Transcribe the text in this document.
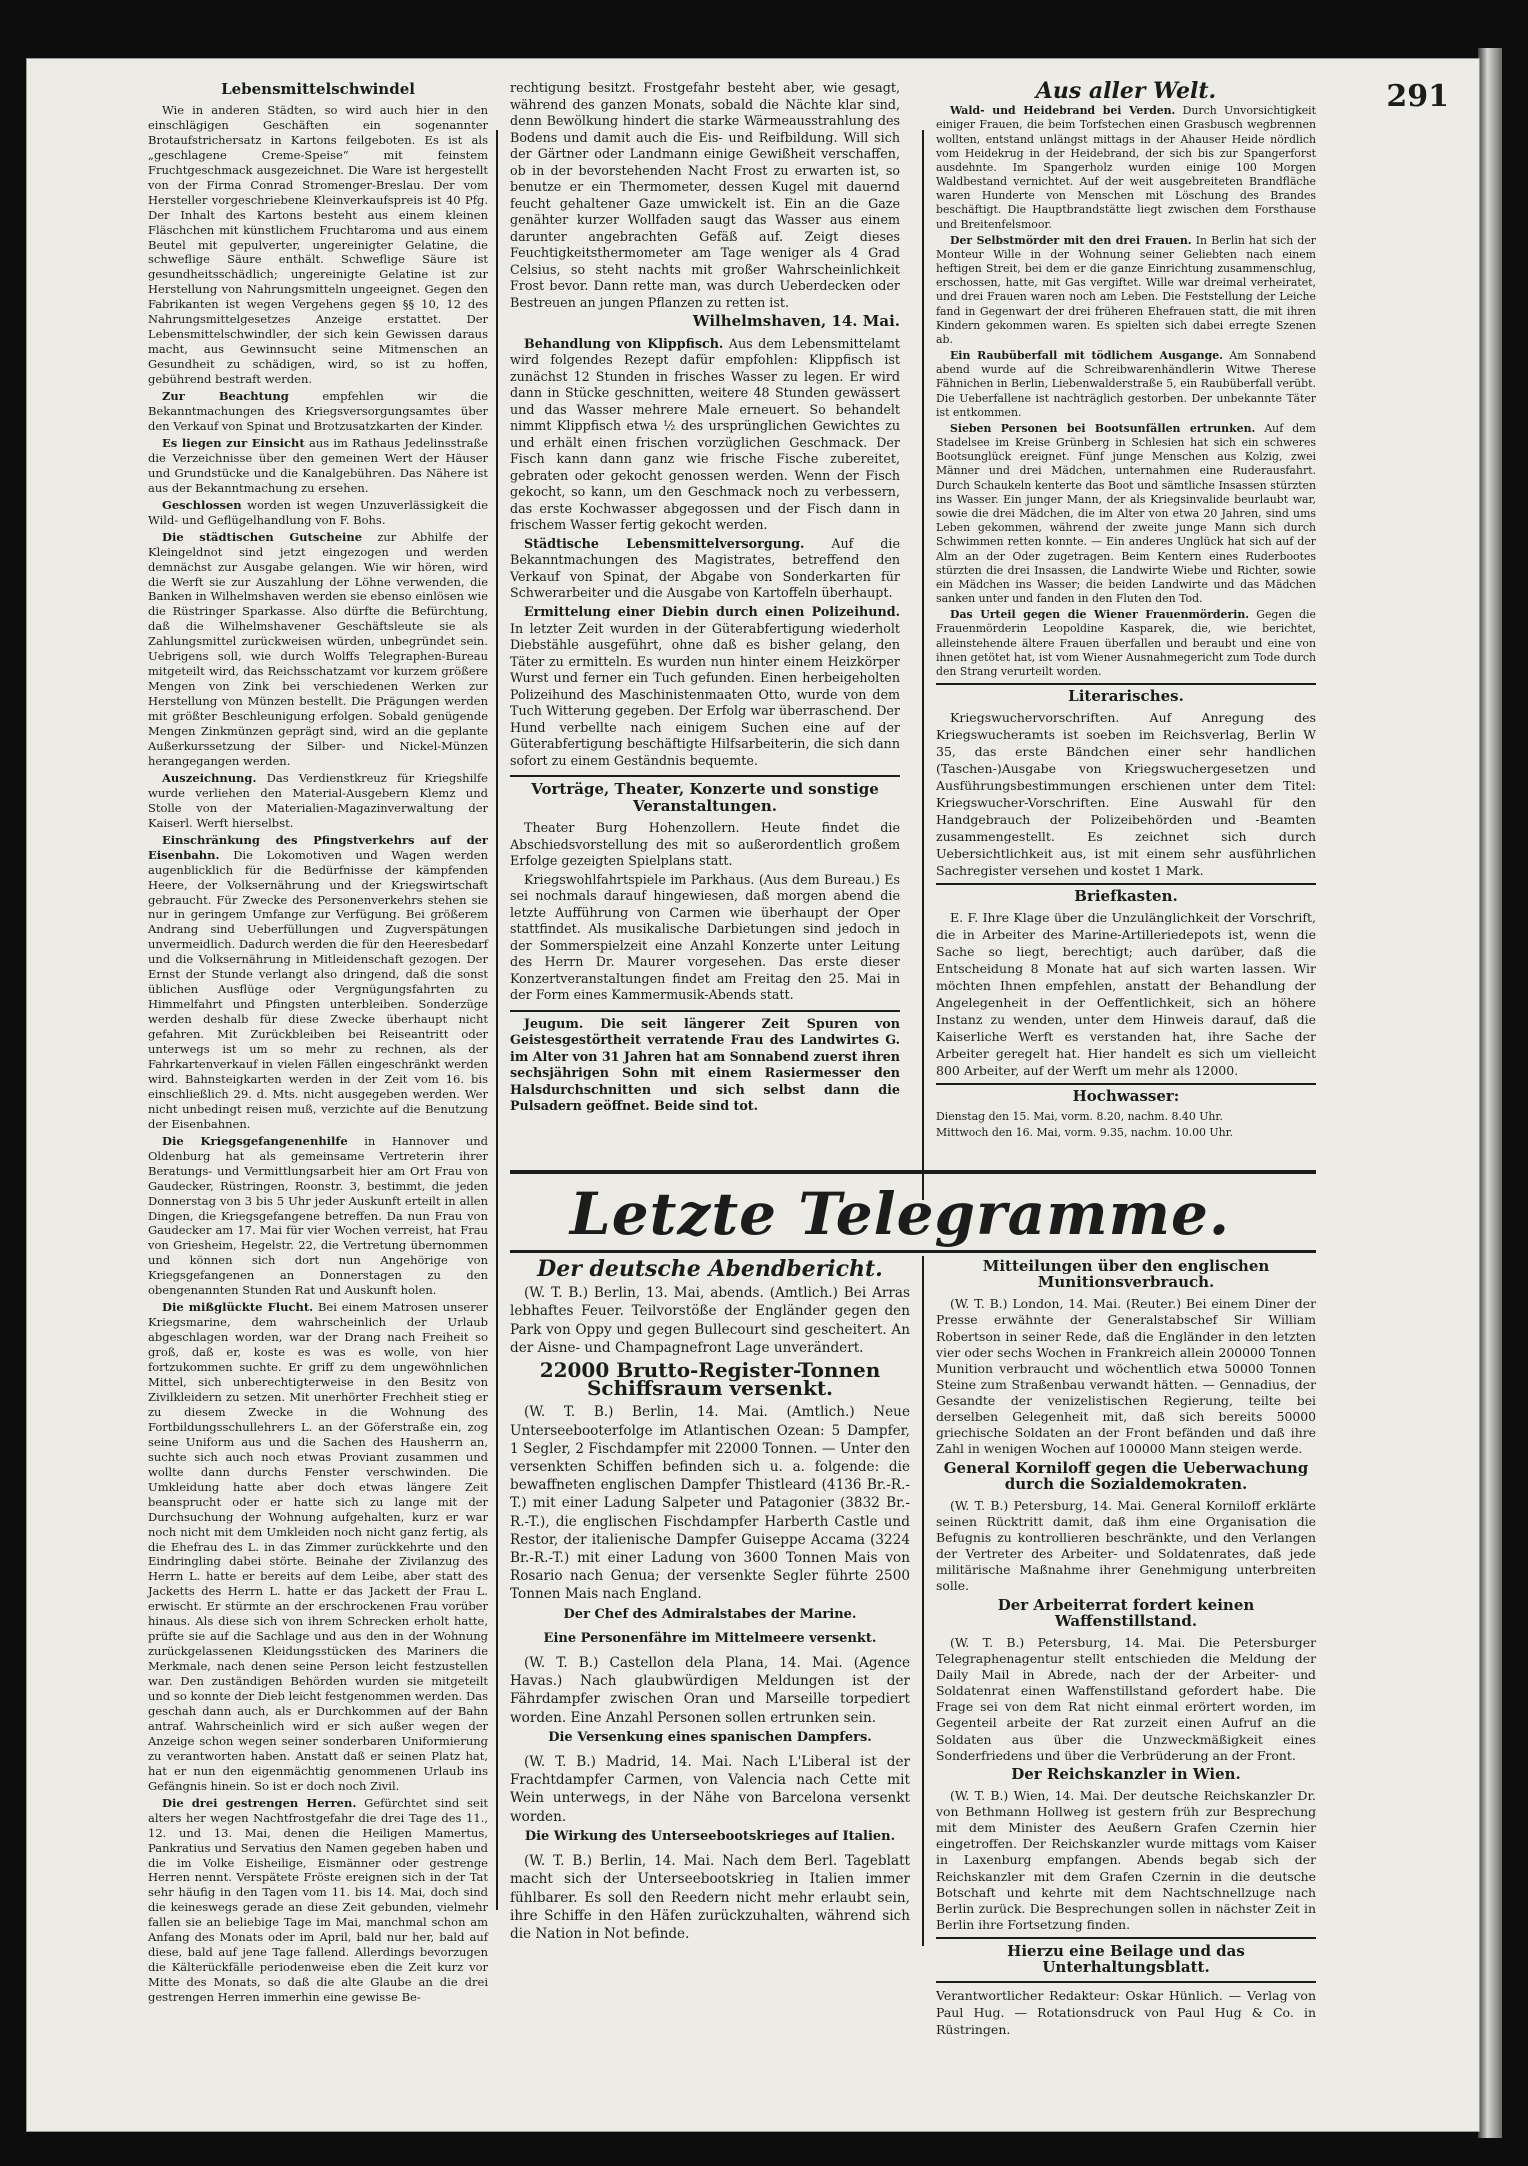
291
Lebensmittelschwindel
Wie in anderen Städten, so wird auch hier in den einschlägigen Geschäften ein sogenannter Brotaufstrichersatz in Kartons feilgeboten. Es ist als „geschlagene Creme-Speise“ mit feinstem Fruchtgeschmack ausgezeichnet. Die Ware ist hergestellt von der Firma Conrad Stromenger-Breslau. Der vom Hersteller vorgeschriebene Kleinverkaufspreis ist 40 Pfg. Der Inhalt des Kartons besteht aus einem kleinen Fläschchen mit künstlichem Fruchtaroma und aus einem Beutel mit gepulverter, ungereinigter Gelatine, die schweflige Säure enthält. Schweflige Säure ist gesundheitsschädlich; ungereinigte Gelatine ist zur Herstellung von Nahrungsmitteln ungeeignet. Gegen den Fabrikanten ist wegen Vergehens gegen §§ 10, 12 des Nahrungsmittelgesetzes Anzeige erstattet. Der Lebensmittelschwindler, der sich kein Gewissen daraus macht, aus Gewinnsucht seine Mitmenschen an Gesundheit zu schädigen, wird, so ist zu hoffen, gebührend bestraft werden.
Zur Beachtung	empfehlen wir die Bekanntmachungen des Kriegsversorgungsamtes über den Verkauf von Spinat und Brotzusatzkarten der Kinder.
Es liegen zur Einsicht aus im Rathaus Jedelinsstraße die Verzeichnisse über den gemeinen Wert der Häuser und Grundstücke und die Kanalgebühren. Das Nähere ist aus der Bekanntmachung zu ersehen.
Geschlossen worden ist wegen Unzuverlässigkeit die Wild- und Geflügelhandlung von F. Bohs.
Die städtischen Gutscheine zur Abhilfe der Kleingeldnot sind jetzt eingezogen und werden demnächst zur Ausgabe gelangen. Wie wir hören, wird die Werft sie zur Auszahlung der Löhne verwenden, die Banken in Wilhelmshaven werden sie ebenso einlösen wie die Rüstringer Sparkasse. Also dürfte die Befürchtung, daß die Wilhelmshavener Geschäftsleute sie als Zahlungsmittel zurückweisen würden, unbegründet sein. Uebrigens soll, wie durch Wolffs Telegraphen-Bureau mitgeteilt wird, das Reichsschatzamt vor kurzem größere Mengen von Zink bei verschiedenen Werken zur Herstellung von Münzen bestellt. Die Prägungen werden mit größter Beschleunigung erfolgen. Sobald genügende Mengen Zinkmünzen geprägt sind, wird an die geplante Außerkurssetzung der Silber- und Nickel-Münzen herangegangen werden.
Auszeichnung. Das Verdienstkreuz für Kriegshilfe wurde verliehen den Material-Ausgebern Klemz und Stolle von der Materialien-Magazinverwaltung der Kaiserl. Werft hierselbst.
Einschränkung des Pfingstverkehrs auf der Eisenbahn. Die Lokomotiven und Wagen werden augenblicklich für die Bedürfnisse der kämpfenden Heere, der Volksernährung und der Kriegswirtschaft gebraucht. Für Zwecke des Personenverkehrs stehen sie nur in geringem Umfange zur Verfügung. Bei größerem Andrang sind Ueberfüllungen und Zugverspätungen unvermeidlich. Dadurch werden die für den Heeresbedarf und die Volksernährung in Mitleidenschaft gezogen. Der Ernst der Stunde verlangt also dringend, daß die sonst üblichen Ausflüge oder Vergnügungsfahrten zu Himmelfahrt und Pfingsten unterbleiben. Sonderzüge werden deshalb für diese Zwecke überhaupt nicht gefahren. Mit Zurückbleiben bei Reiseantritt oder unterwegs ist um so mehr zu rechnen, als der Fahrkartenverkauf in vielen Fällen eingeschränkt werden wird. Bahnsteigkarten werden in der Zeit vom 16. bis einschließlich 29. d. Mts. nicht ausgegeben werden. Wer nicht unbedingt reisen muß, verzichte auf die Benutzung der Eisenbahnen.
Die Kriegsgefangenenhilfe in Hannover und Oldenburg hat als gemeinsame Vertreterin ihrer Beratungs- und Vermittlungsarbeit hier am Ort Frau von Gaudecker, Rüstringen, Roonstr. 3, bestimmt, die jeden Donnerstag von 3 bis 5 Uhr jeder Auskunft erteilt in allen Dingen, die Kriegsgefangene betreffen. Da nun Frau von Gaudecker am 17. Mai für vier Wochen verreist, hat Frau von Griesheim, Hegelstr. 22, die Vertretung übernommen und können sich dort nun Angehörige von Kriegsgefangenen an Donnerstagen zu den obengenannten Stunden Rat und Auskunft holen.
Die mißglückte Flucht. Bei einem Matrosen unserer Kriegsmarine, dem wahrscheinlich der Urlaub abgeschlagen worden, war der Drang nach Freiheit so groß, daß er, koste es was es wolle, von hier fortzukommen suchte. Er griff zu dem ungewöhnlichen Mittel, sich unberechtigterweise in den Besitz von Zivilkleidern zu setzen. Mit unerhörter Frechheit stieg er zu diesem Zwecke in die Wohnung des Fortbildungsschullehrers L. an der Göferstraße ein, zog seine Uniform aus und die Sachen des Hausherrn an, suchte sich auch noch etwas Proviant zusammen und wollte dann durchs Fenster verschwinden. Die Umkleidung hatte aber doch etwas längere Zeit beansprucht oder er hatte sich zu lange mit der Durchsuchung der Wohnung aufgehalten, kurz er war noch nicht mit dem Umkleiden noch nicht ganz fertig, als die Ehefrau des L. in das Zimmer zurückkehrte und den Eindringling dabei störte. Beinahe der Zivilanzug des Herrn L. hatte er bereits auf dem Leibe, aber statt des Jacketts des Herrn L. hatte er das Jackett der Frau L. erwischt. Er stürmte an der erschrockenen Frau vorüber hinaus. Als diese sich von ihrem Schrecken erholt hatte, prüfte sie auf die Sachlage und aus den in der Wohnung zurückgelassenen Kleidungsstücken des Mariners die Merkmale, nach denen seine Person leicht festzustellen war. Den zuständigen Behörden wurden sie mitgeteilt und so konnte der Dieb leicht festgenommen werden. Das geschah dann auch, als er Durchkommen auf der Bahn antraf. Wahrscheinlich wird er sich außer wegen der Anzeige schon wegen seiner sonderbaren Uniformierung zu verantworten haben. Anstatt daß er seinen Platz hat, hat er nun den eigenmächtig genommenen Urlaub ins Gefängnis hinein. So ist er doch noch Zivil.
Die drei gestrengen Herren. Gefürchtet sind seit alters her wegen Nachtfrostgefahr die drei Tage des 11., 12. und 13. Mai, denen die Heiligen Mamertus, Pankratius und Servatius den Namen gegeben haben und die im Volke Eisheilige, Eismänner oder gestrenge Herren nennt. Verspätete Fröste ereignen sich in der Tat sehr häufig in den Tagen vom 11. bis 14. Mai, doch sind die keineswegs gerade an diese Zeit gebunden, vielmehr fallen sie an beliebige Tage im Mai, manchmal schon am Anfang des Monats oder im April, bald nur her, bald auf diese, bald auf jene Tage fallend. Allerdings bevorzugen die Kälterückfälle periodenweise eben die Zeit kurz vor Mitte des Monats, so daß die alte Glaube an die drei gestrengen Herren immerhin eine gewisse Be-
rechtigung besitzt. Frostgefahr besteht aber, wie gesagt, während des ganzen Monats, sobald die Nächte klar sind, denn Bewölkung hindert die starke Wärmeausstrahlung des Bodens und damit auch die Eis- und Reifbildung. Will sich der Gärtner oder Landmann einige Gewißheit verschaffen, ob in der bevorstehenden Nacht Frost zu erwarten ist, so benutze er ein Thermometer, dessen Kugel mit dauernd feucht gehaltener Gaze umwickelt ist. Ein an die Gaze genähter kurzer Wollfaden saugt das Wasser aus einem darunter angebrachten Gefäß auf. Zeigt dieses Feuchtigkeitsthermometer am Tage weniger als 4 Grad Celsius, so steht nachts mit großer Wahrscheinlichkeit Frost bevor. Dann rette man, was durch Ueberdecken oder Bestreuen an jungen Pflanzen zu retten ist.
Wilhelmshaven, 14. Mai.
Behandlung von Klippfisch. Aus dem Lebensmittelamt wird folgendes Rezept dafür empfohlen: Klippfisch ist zunächst 12 Stunden in frisches Wasser zu legen. Er wird dann in Stücke geschnitten, weitere 48 Stunden gewässert und das Wasser mehrere Male erneuert. So behandelt nimmt Klippfisch etwa ½ des ursprünglichen Gewichtes zu und erhält einen frischen vorzüglichen Geschmack. Der Fisch kann dann ganz wie frische Fische zubereitet, gebraten oder gekocht genossen werden. Wenn der Fisch gekocht, so kann, um den Geschmack noch zu verbessern, das erste Kochwasser abgegossen und der Fisch dann in frischem Wasser fertig gekocht werden.
Städtische Lebensmittelversorgung. Auf die Bekanntmachungen des Magistrates, betreffend den Verkauf von Spinat, der Abgabe von Sonderkarten für Schwerarbeiter und die Ausgabe von Kartoffeln überhaupt.
Ermittelung einer Diebin durch einen Polizeihund. In letzter Zeit wurden in der Güterabfertigung wiederholt Diebstähle ausgeführt, ohne daß es bisher gelang, den Täter zu ermitteln. Es wurden nun hinter einem Heizkörper Wurst und ferner ein Tuch gefunden. Einen herbeigeholten Polizeihund des Maschinistenmaaten Otto, wurde von dem Tuch Witterung gegeben. Der Erfolg war überraschend. Der Hund verbellte nach einigem Suchen eine auf der Güterabfertigung beschäftigte Hilfsarbeiterin, die sich dann sofort zu einem Geständnis bequemte.
Vorträge, Theater, Konzerte und sonstige Veranstaltungen.
Theater Burg Hohenzollern. Heute findet die Abschiedsvorstellung des mit so außerordentlich großem Erfolge gezeigten Spielplans statt.
Kriegswohlfahrtspiele im Parkhaus. (Aus dem Bureau.) Es sei nochmals darauf hingewiesen, daß morgen abend die letzte Aufführung von Carmen wie überhaupt der Oper stattfindet. Als musikalische Darbietungen sind jedoch in der Sommerspielzeit eine Anzahl Konzerte unter Leitung des Herrn Dr. Maurer vorgesehen. Das erste dieser Konzertveranstaltungen findet am Freitag den 25. Mai in der Form eines Kammermusik-Abends statt.
Jeugum. Die seit längerer Zeit Spuren von Geistesgestörtheit verratende Frau des Landwirtes G. im Alter von 31 Jahren hat am Sonnabend zuerst ihren sechsjährigen Sohn mit einem Rasiermesser den Halsdurchschnitten und sich selbst dann die Pulsadern geöffnet. Beide sind tot.
Aus aller Welt.
Wald- und Heidebrand bei Verden. Durch Unvorsichtigkeit einiger Frauen, die beim Torfstechen einen Grasbusch wegbrennen wollten, entstand unlängst mittags in der Ahauser Heide nördlich vom Heidekrug in der Heidebrand, der sich bis zur Spangerforst ausdehnte. Im Spangerholz wurden einige 100 Morgen Waldbestand vernichtet. Auf der weit ausgebreiteten Brandfläche waren Hunderte von Menschen mit Löschung des Brandes beschäftigt. Die Hauptbrandstätte liegt zwischen dem Forsthause und Breitenfelsmoor.
Der Selbstmörder mit den drei Frauen. In Berlin hat sich der Monteur Wille in der Wohnung seiner Geliebten nach einem heftigen Streit, bei dem er die ganze Einrichtung zusammenschlug, erschossen, hatte, mit Gas vergiftet. Wille war dreimal verheiratet, und drei Frauen waren noch am Leben. Die Feststellung der Leiche fand in Gegenwart der drei früheren Ehefrauen statt, die mit ihren Kindern gekommen waren. Es spielten sich dabei erregte Szenen ab.
Ein Raubüberfall mit tödlichem Ausgange. Am Sonnabend abend wurde auf die Schreibwarenhändlerin Witwe Therese Fähnichen in Berlin, Liebenwalderstraße 5, ein Raubüberfall verübt. Die Ueberfallene ist nachträglich gestorben. Der unbekannte Täter ist entkommen.
Sieben Personen bei Bootsunfällen ertrunken. Auf dem Stadelsee im Kreise Grünberg in Schlesien hat sich ein schweres Bootsunglück ereignet. Fünf junge Menschen aus Kolzig, zwei Männer und drei Mädchen, unternahmen eine Ruderausfahrt. Durch Schaukeln kenterte das Boot und sämtliche Insassen stürzten ins Wasser. Ein junger Mann, der als Kriegsinvalide beurlaubt war, sowie die drei Mädchen, die im Alter von etwa 20 Jahren, sind ums Leben gekommen, während der zweite junge Mann sich durch Schwimmen retten konnte. — Ein anderes Unglück hat sich auf der Alm an der Oder zugetragen. Beim Kentern eines Ruderbootes stürzten die drei Insassen, die Landwirte Wiebe und Richter, sowie ein Mädchen ins Wasser; die beiden Landwirte und das Mädchen sanken unter und fanden in den Fluten den Tod.
Das Urteil gegen die Wiener Frauenmörderin. Gegen die Frauenmörderin Leopoldine Kasparek, die, wie berichtet, alleinstehende ältere Frauen überfallen und beraubt und eine von ihnen getötet hat, ist vom Wiener Ausnahmegericht zum Tode durch den Strang verurteilt worden.
Literarisches.
Kriegswuchervorschriften. Auf Anregung des Kriegswucheramts ist soeben im Reichsverlag, Berlin W 35, das erste Bändchen einer sehr handlichen (Taschen-)Ausgabe von Kriegswuchergesetzen und Ausführungsbestimmungen erschienen unter dem Titel: Kriegswucher-Vorschriften. Eine Auswahl für den Handgebrauch der Polizeibehörden und -Beamten zusammengestellt. Es zeichnet sich durch Uebersichtlichkeit aus, ist mit einem sehr ausführlichen Sachregister versehen und kostet 1 Mark.
Briefkasten.
E. F. Ihre Klage über die Unzulänglichkeit der Vorschrift, die in Arbeiter des Marine-Artilleriedepots ist, wenn die Sache so liegt, berechtigt; auch darüber, daß die Entscheidung 8 Monate hat auf sich warten lassen. Wir möchten Ihnen empfehlen, anstatt der Behandlung der Angelegenheit in der Oeffentlichkeit, sich an höhere Instanz zu wenden, unter dem Hinweis darauf, daß die Kaiserliche Werft es verstanden hat, ihre Sache der Arbeiter geregelt hat. Hier handelt es sich um vielleicht 800 Arbeiter, auf der Werft um mehr als 12000.
Hochwasser:
Dienstag den 15. Mai, vorm. 8.20, nachm. 8.40 Uhr.
Mittwoch den 16. Mai, vorm. 9.35, nachm. 10.00 Uhr.
Letzte Telegramme.
Der deutsche Abendbericht.
(W. T. B.) Berlin, 13. Mai, abends. (Amtlich.) Bei Arras lebhaftes Feuer. Teilvorstöße der Engländer gegen den Park von Oppy und gegen Bullecourt sind gescheitert. An der Aisne- und Champagnefront Lage unverändert.
22000 Brutto-Register-Tonnen Schiffsraum versenkt.
(W. T. B.) Berlin, 14. Mai. (Amtlich.) Neue Unterseebooterfolge im Atlantischen Ozean: 5 Dampfer, 1 Segler, 2 Fischdampfer mit 22000 Tonnen. — Unter den versenkten Schiffen befinden sich u. a. folgende: die bewaffneten englischen Dampfer Thistleard (4136 Br.-R.-T.) mit einer Ladung Salpeter und Patagonier (3832 Br.-R.-T.), die englischen Fischdampfer Harberth Castle und Restor, der italienische Dampfer Guiseppe Accama (3224 Br.-R.-T.) mit einer Ladung von 3600 Tonnen Mais von Rosario nach Genua; der versenkte Segler führte 2500 Tonnen Mais nach England.
Der Chef des Admiralstabes der Marine.
Eine Personenfähre im Mittelmeere versenkt.
(W. T. B.) Castellon dela Plana, 14. Mai. (Agence Havas.) Nach glaubwürdigen Meldungen ist der Fährdampfer zwischen Oran und Marseille torpediert worden. Eine Anzahl Personen sollen ertrunken sein.
Die Versenkung eines spanischen Dampfers.
(W. T. B.) Madrid, 14. Mai. Nach L'Liberal ist der Frachtdampfer Carmen, von Valencia nach Cette mit Wein unterwegs, in der Nähe von Barcelona versenkt worden.
Die Wirkung des Unterseebootskrieges auf Italien.
(W. T. B.) Berlin, 14. Mai. Nach dem Berl. Tageblatt macht sich der Unterseebootskrieg in Italien immer fühlbarer. Es soll den Reedern nicht mehr erlaubt sein, ihre Schiffe in den Häfen zurückzuhalten, während sich die Nation in Not befinde.
Mitteilungen über den englischen Munitionsverbrauch.
(W. T. B.) London, 14. Mai. (Reuter.) Bei einem Diner der Presse erwähnte der Generalstabschef Sir William Robertson in seiner Rede, daß die Engländer in den letzten vier oder sechs Wochen in Frankreich allein 200000 Tonnen Munition verbraucht und wöchentlich etwa 50000 Tonnen Steine zum Straßenbau verwandt hätten. — Gennadius, der Gesandte der venizelistischen Regierung, teilte bei derselben Gelegenheit mit, daß sich bereits 50000 griechische Soldaten an der Front befänden und daß ihre Zahl in wenigen Wochen auf 100000 Mann steigen werde.
General Korniloff gegen die Ueberwachung durch die Sozialdemokraten.
(W. T. B.) Petersburg, 14. Mai. General Korniloff erklärte seinen Rücktritt damit, daß ihm eine Organisation die Befugnis zu kontrollieren beschränkte, und den Verlangen der Vertreter des Arbeiter- und Soldatenrates, daß jede militärische Maßnahme ihrer Genehmigung unterbreiten solle.
Der Arbeiterrat fordert keinen Waffenstillstand.
(W. T. B.) Petersburg, 14. Mai. Die Petersburger Telegraphenagentur stellt entschieden die Meldung der Daily Mail in Abrede, nach der der Arbeiter- und Soldatenrat einen Waffenstillstand gefordert habe. Die Frage sei von dem Rat nicht einmal erörtert worden, im Gegenteil arbeite der Rat zurzeit einen Aufruf an die Soldaten aus über die Unzweckmäßigkeit eines Sonderfriedens und über die Verbrüderung an der Front.
Der Reichskanzler in Wien.
(W. T. B.) Wien, 14. Mai. Der deutsche Reichskanzler Dr. von Bethmann Hollweg ist gestern früh zur Besprechung mit dem Minister des Aeußern Grafen Czernin hier eingetroffen. Der Reichskanzler wurde mittags vom Kaiser in Laxenburg empfangen. Abends begab sich der Reichskanzler mit dem Grafen Czernin in die deutsche Botschaft und kehrte mit dem Nachtschnellzuge nach Berlin zurück. Die Besprechungen sollen in nächster Zeit in Berlin ihre Fortsetzung finden.
Hierzu eine Beilage und das Unterhaltungsblatt.
Verantwortlicher Redakteur: Oskar Hünlich. — Verlag von Paul Hug. — Rotationsdruck von Paul Hug & Co. in Rüstringen.
